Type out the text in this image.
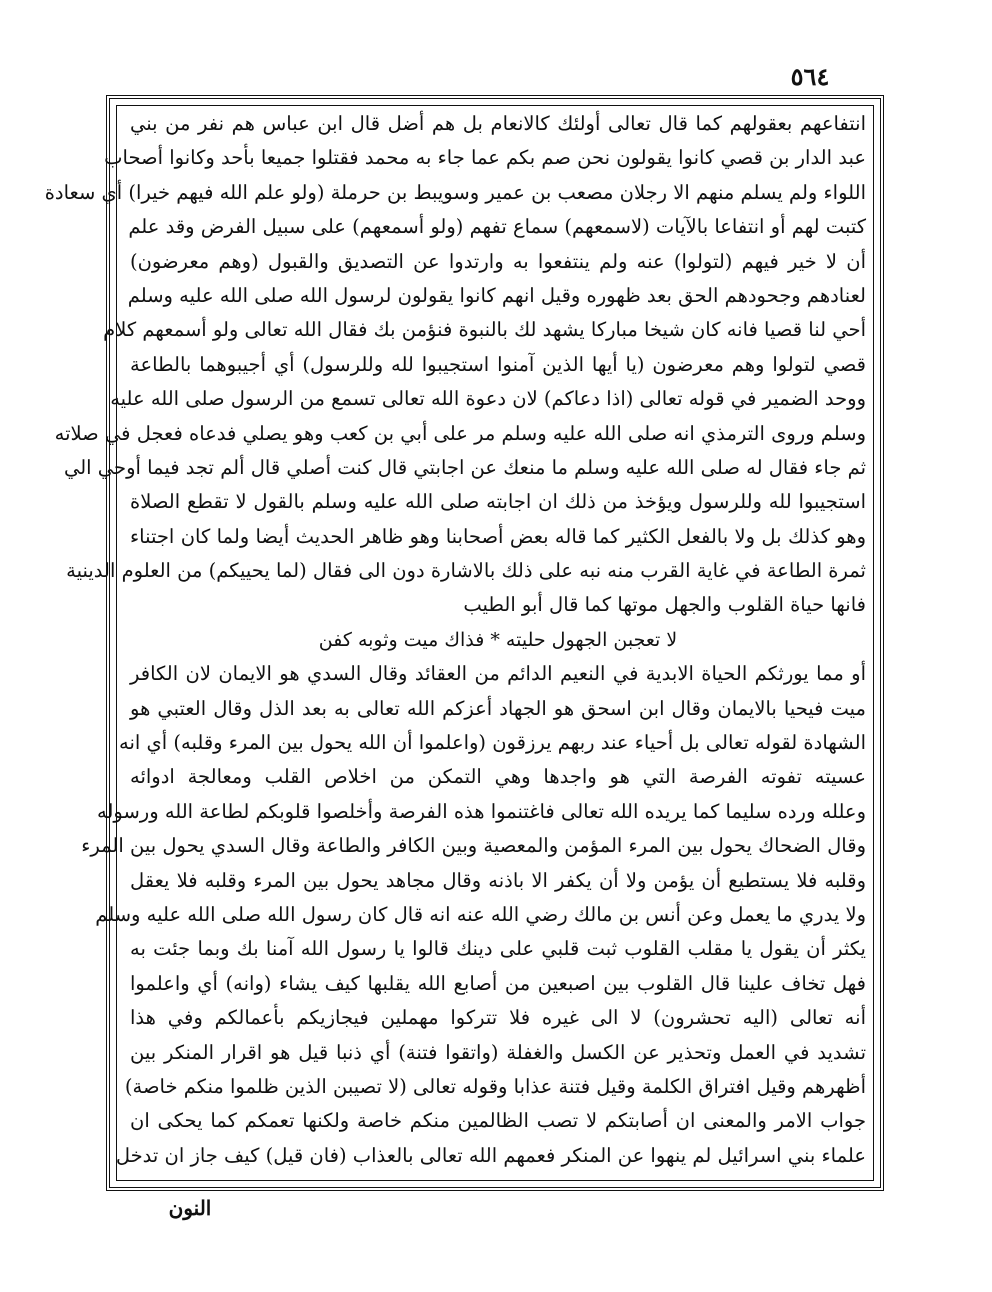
٥٦٤
انتفاعهم بعقولهم كما قال تعالى أولئك كالانعام بل هم أضل قال ابن عباس هم نفر من بني
عبد الدار بن قصي كانوا يقولون نحن صم بكم عما جاء به محمد فقتلوا جميعا بأحد وكانوا أصحاب
اللواء ولم يسلم منهم الا رجلان مصعب بن عمير وسويبط بن حرملة (ولو علم الله فيهم خيرا) أي سعادة
كتبت لهم أو انتفاعا بالآيات (لاسمعهم) سماع تفهم (ولو أسمعهم) على سبيل الفرض وقد علم
أن لا خير فيهم (لتولوا) عنه ولم ينتفعوا به وارتدوا عن التصديق والقبول (وهم معرضون)
لعنادهم وجحودهم الحق بعد ظهوره وقيل انهم كانوا يقولون لرسول الله صلى الله عليه وسلم
أحي لنا قصيا فانه كان شيخا مباركا يشهد لك بالنبوة فنؤمن بك فقال الله تعالى ولو أسمعهم كلام
قصي لتولوا وهم معرضون (يا أيها الذين آمنوا استجيبوا لله وللرسول) أي أجيبوهما بالطاعة
ووحد الضمير في قوله تعالى (اذا دعاكم) لان دعوة الله تعالى تسمع من الرسول صلى الله عليه
وسلم وروى الترمذي انه صلى الله عليه وسلم مر على أبي بن كعب وهو يصلي فدعاه فعجل في صلاته
ثم جاء فقال له صلى الله عليه وسلم ما منعك عن اجابتي قال كنت أصلي قال ألم تجد فيما أوحي الي
استجيبوا لله وللرسول ويؤخذ من ذلك ان اجابته صلى الله عليه وسلم بالقول لا تقطع الصلاة
وهو كذلك بل ولا بالفعل الكثير كما قاله بعض أصحابنا وهو ظاهر الحديث أيضا ولما كان اجتناء
ثمرة الطاعة في غاية القرب منه نبه على ذلك بالاشارة دون الى فقال (لما يحييكم) من العلوم الدينية
فانها حياة القلوب والجهل موتها كما قال أبو الطيب
لا تعجبن الجهول حليته * فذاك ميت وثوبه كفن
أو مما يورثكم الحياة الابدية في النعيم الدائم من العقائد وقال السدي هو الايمان لان الكافر
ميت فيحيا بالايمان وقال ابن اسحق هو الجهاد أعزكم الله تعالى به بعد الذل وقال العتبي هو
الشهادة لقوله تعالى بل أحياء عند ربهم يرزقون (واعلموا أن الله يحول بين المرء وقلبه) أي انه
عسيته تفوته الفرصة التي هو واجدها وهي التمكن من اخلاص القلب ومعالجة ادوائه
وعلله ورده سليما كما يريده الله تعالى فاغتنموا هذه الفرصة وأخلصوا قلوبكم لطاعة الله ورسوله
وقال الضحاك يحول بين المرء المؤمن والمعصية وبين الكافر والطاعة وقال السدي يحول بين المرء
وقلبه فلا يستطيع أن يؤمن ولا أن يكفر الا باذنه وقال مجاهد يحول بين المرء وقلبه فلا يعقل
ولا يدري ما يعمل وعن أنس بن مالك رضي الله عنه انه قال كان رسول الله صلى الله عليه وسلم
يكثر أن يقول يا مقلب القلوب ثبت قلبي على دينك قالوا يا رسول الله آمنا بك وبما جئت به
فهل تخاف علينا قال القلوب بين اصبعين من أصابع الله يقلبها كيف يشاء (وانه) أي واعلموا
أنه تعالى (اليه تحشرون) لا الى غيره فلا تتركوا مهملين فيجازيكم بأعمالكم وفي هذا
تشديد في العمل وتحذير عن الكسل والغفلة (واتقوا فتنة) أي ذنبا قيل هو اقرار المنكر بين
أظهرهم وقيل افتراق الكلمة وقيل فتنة عذابا وقوله تعالى (لا تصيبن الذين ظلموا منكم خاصة)
جواب الامر والمعنى ان أصابتكم لا تصب الظالمين منكم خاصة ولكنها تعمكم كما يحكى ان
علماء بني اسرائيل لم ينهوا عن المنكر فعمهم الله تعالى بالعذاب (فان قيل) كيف جاز ان تدخل
النون
